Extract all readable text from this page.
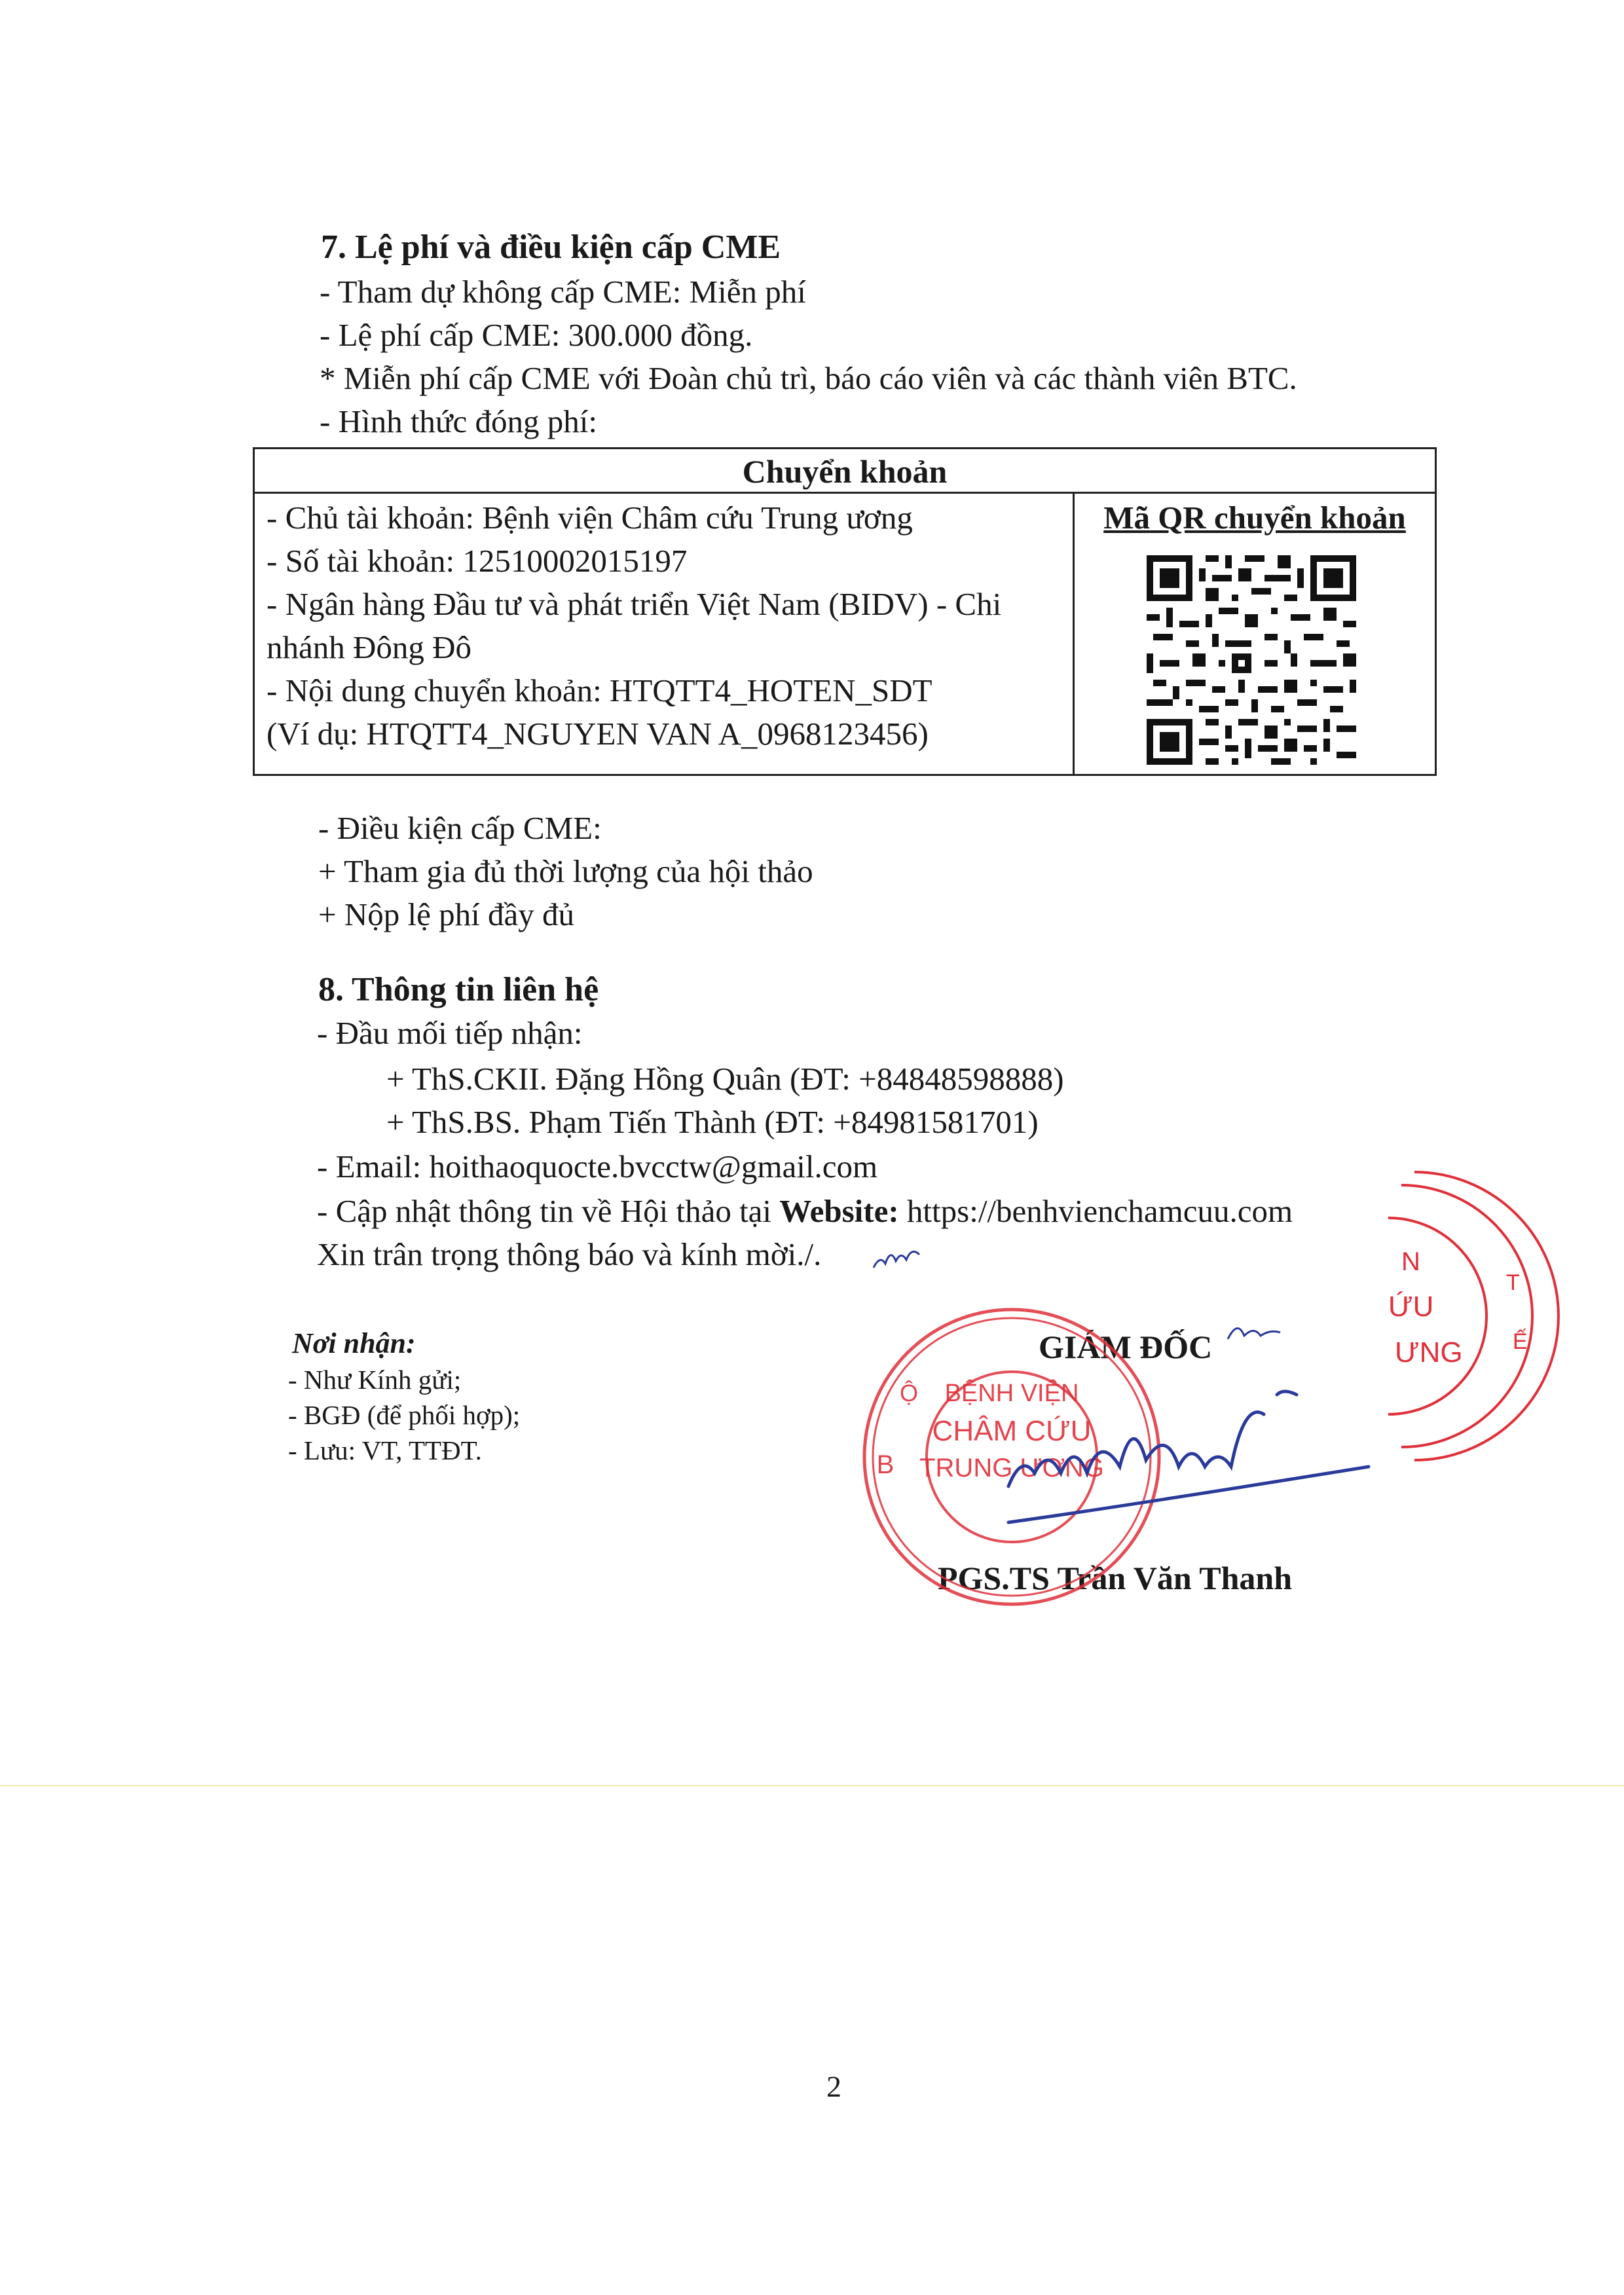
7. Lệ phí và điều kiện cấp CME
- Tham dự không cấp CME: Miễn phí
- Lệ phí cấp CME: 300.000 đồng.
* Miễn phí cấp CME với Đoàn chủ trì, báo cáo viên và các thành viên BTC.
- Hình thức đóng phí:
Chuyển khoản
- Chủ tài khoản: Bệnh viện Châm cứu Trung ương
- Số tài khoản: 12510002015197
- Ngân hàng Đầu tư và phát triển Việt Nam (BIDV) - Chi
nhánh Đông Đô
- Nội dung chuyển khoản: HTQTT4_HOTEN_SDT
(Ví dụ: HTQTT4_NGUYEN VAN A_0968123456)
Mã QR chuyển khoản
- Điều kiện cấp CME:
+ Tham gia đủ thời lượng của hội thảo
+ Nộp lệ phí đầy đủ
8. Thông tin liên hệ
- Đầu mối tiếp nhận:
+ ThS.CKII. Đặng Hồng Quân (ĐT: +84848598888)
+ ThS.BS. Phạm Tiến Thành (ĐT: +84981581701)
- Email: hoithaoquocte.bvcctw@gmail.com
- Cập nhật thông tin về Hội thảo tại Website: https://benhvienchamcuu.com
Xin trân trọng thông báo và kính mời./.
Nơi nhận:
- Như Kính gửi;
- BGĐ (để phối hợp);
- Lưu: VT, TTĐT.
GIÁM ĐỐC
PGS.TS Trần Văn Thanh
N
ỨU
ƯNG
T
Ế
BỆNH VIỆN
CHÂM CỨU
TRUNG ƯƠNG
B
Ộ
2
